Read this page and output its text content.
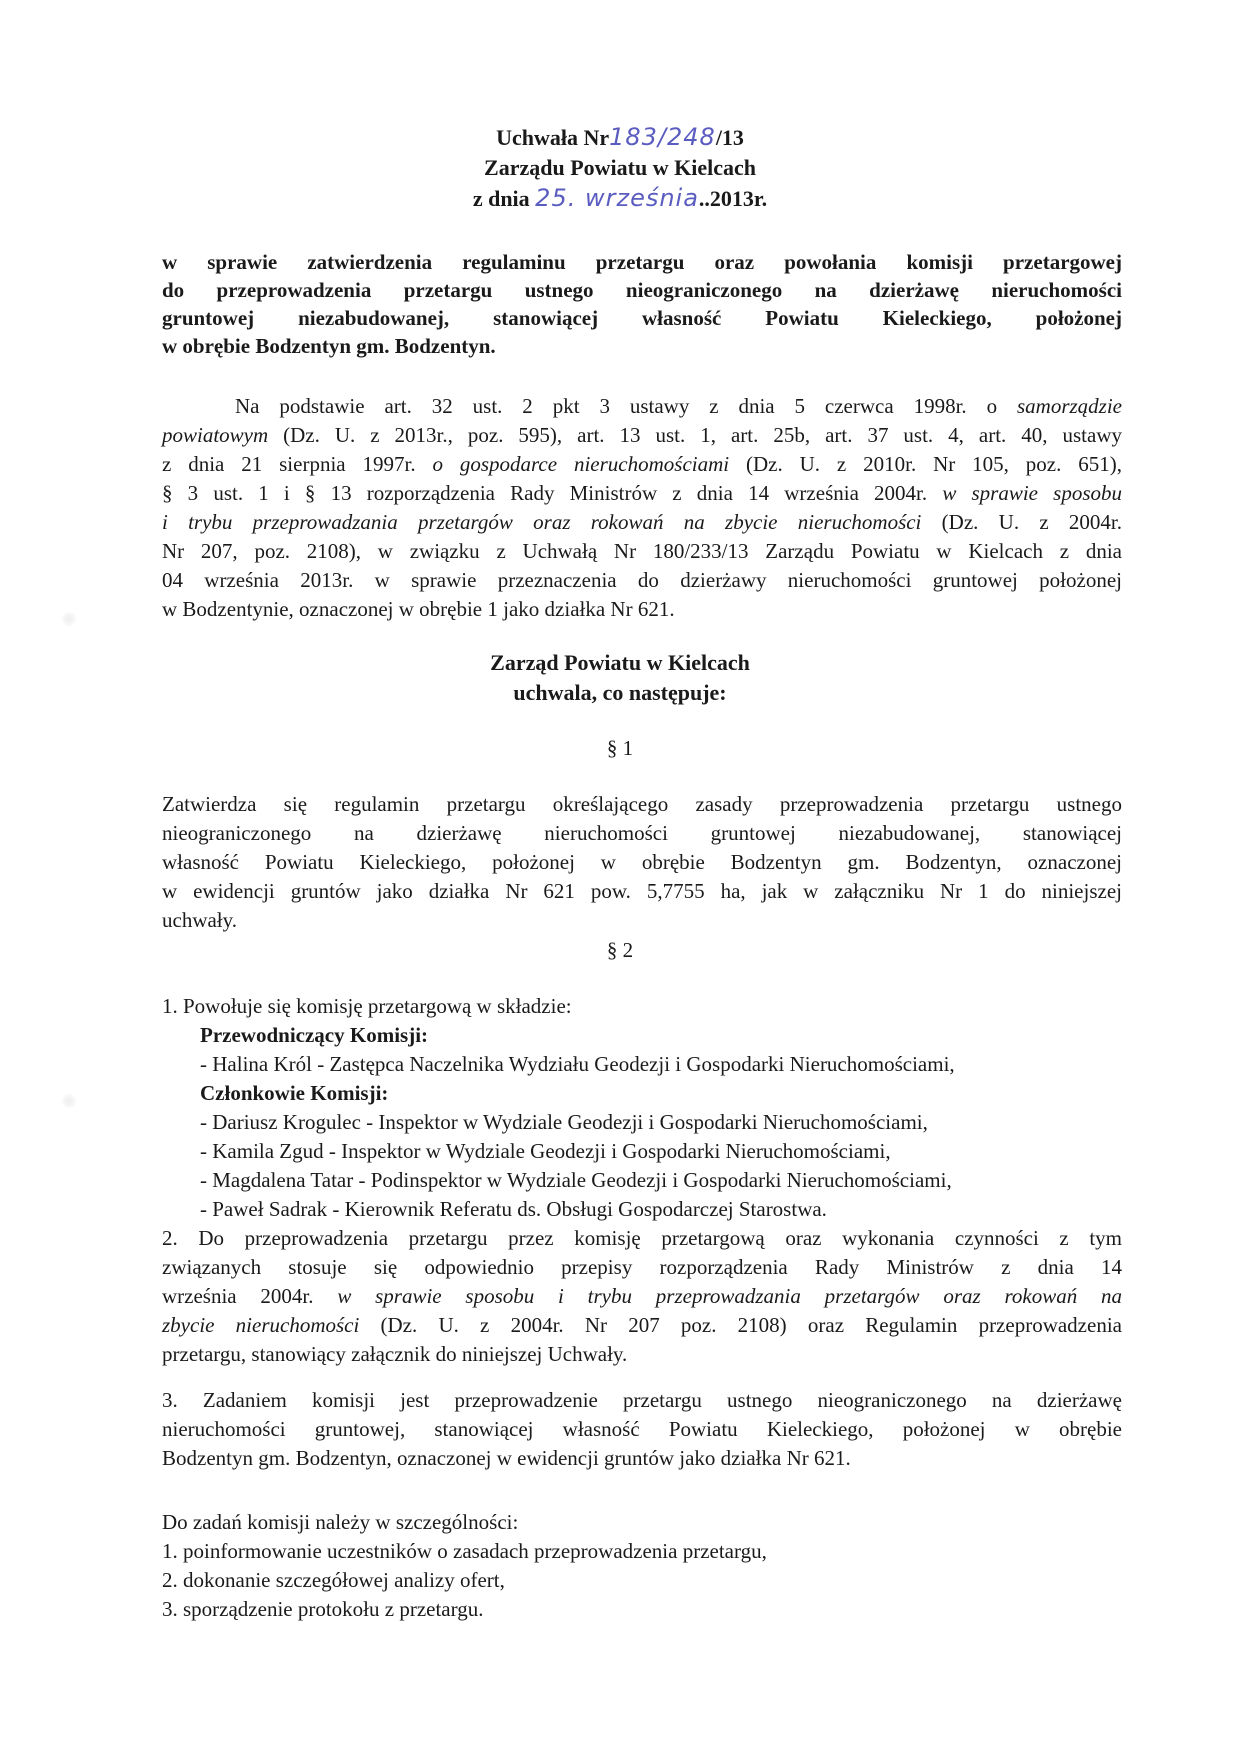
Uchwała Nr183/248/13
Zarządu Powiatu w Kielcach
z dnia 25. września..2013r.
w sprawie zatwierdzenia regulaminu przetargu oraz powołania komisji przetargowej
do przeprowadzenia przetargu ustnego nieograniczonego na dzierżawę nieruchomości
gruntowej niezabudowanej, stanowiącej własność Powiatu Kieleckiego, położonej
w obrębie Bodzentyn gm. Bodzentyn.
Na podstawie art. 32 ust. 2 pkt 3 ustawy z dnia 5 czerwca 1998r. o samorządzie
powiatowym (Dz. U. z 2013r., poz. 595), art. 13 ust. 1, art. 25b, art. 37 ust. 4, art. 40, ustawy
z dnia 21 sierpnia 1997r. o gospodarce nieruchomościami (Dz. U. z 2010r. Nr 105, poz. 651),
§ 3 ust. 1 i § 13 rozporządzenia Rady Ministrów z dnia 14 września 2004r. w sprawie sposobu
i trybu przeprowadzania przetargów oraz rokowań na zbycie nieruchomości (Dz. U. z 2004r.
Nr 207, poz. 2108), w związku z Uchwałą Nr 180/233/13 Zarządu Powiatu w Kielcach z dnia
04 września 2013r. w sprawie przeznaczenia do dzierżawy nieruchomości gruntowej położonej
w Bodzentynie, oznaczonej w obrębie 1 jako działka Nr 621.
Zarząd Powiatu w Kielcach
uchwala, co następuje:
§ 1
Zatwierdza się regulamin przetargu określającego zasady przeprowadzenia przetargu ustnego
nieograniczonego na dzierżawę nieruchomości gruntowej niezabudowanej, stanowiącej
własność Powiatu Kieleckiego, położonej w obrębie Bodzentyn gm. Bodzentyn, oznaczonej
w ewidencji gruntów jako działka Nr 621 pow. 5,7755 ha, jak w załączniku Nr 1 do niniejszej
uchwały.
§ 2
1. Powołuje się komisję przetargową w składzie:
Przewodniczący Komisji:
- Halina Król - Zastępca Naczelnika Wydziału Geodezji i Gospodarki Nieruchomościami,
Członkowie Komisji:
- Dariusz Krogulec - Inspektor w Wydziale Geodezji i Gospodarki Nieruchomościami,
- Kamila Zgud - Inspektor w Wydziale Geodezji i Gospodarki Nieruchomościami,
- Magdalena Tatar - Podinspektor w Wydziale Geodezji i Gospodarki Nieruchomościami,
- Paweł Sadrak - Kierownik Referatu ds. Obsługi Gospodarczej Starostwa.
2. Do przeprowadzenia przetargu przez komisję przetargową oraz wykonania czynności z tym
związanych stosuje się odpowiednio przepisy rozporządzenia Rady Ministrów z dnia 14
września 2004r. w sprawie sposobu i trybu przeprowadzania przetargów oraz rokowań na
zbycie nieruchomości (Dz. U. z 2004r. Nr 207 poz. 2108) oraz Regulamin przeprowadzenia
przetargu, stanowiący załącznik do niniejszej Uchwały.
3. Zadaniem komisji jest przeprowadzenie przetargu ustnego nieograniczonego na dzierżawę
nieruchomości gruntowej, stanowiącej własność Powiatu Kieleckiego, położonej w obrębie
Bodzentyn gm. Bodzentyn, oznaczonej w ewidencji gruntów jako działka Nr 621.
Do zadań komisji należy w szczególności:
1. poinformowanie uczestników o zasadach przeprowadzenia przetargu,
2. dokonanie szczegółowej analizy ofert,
3. sporządzenie protokołu z przetargu.
